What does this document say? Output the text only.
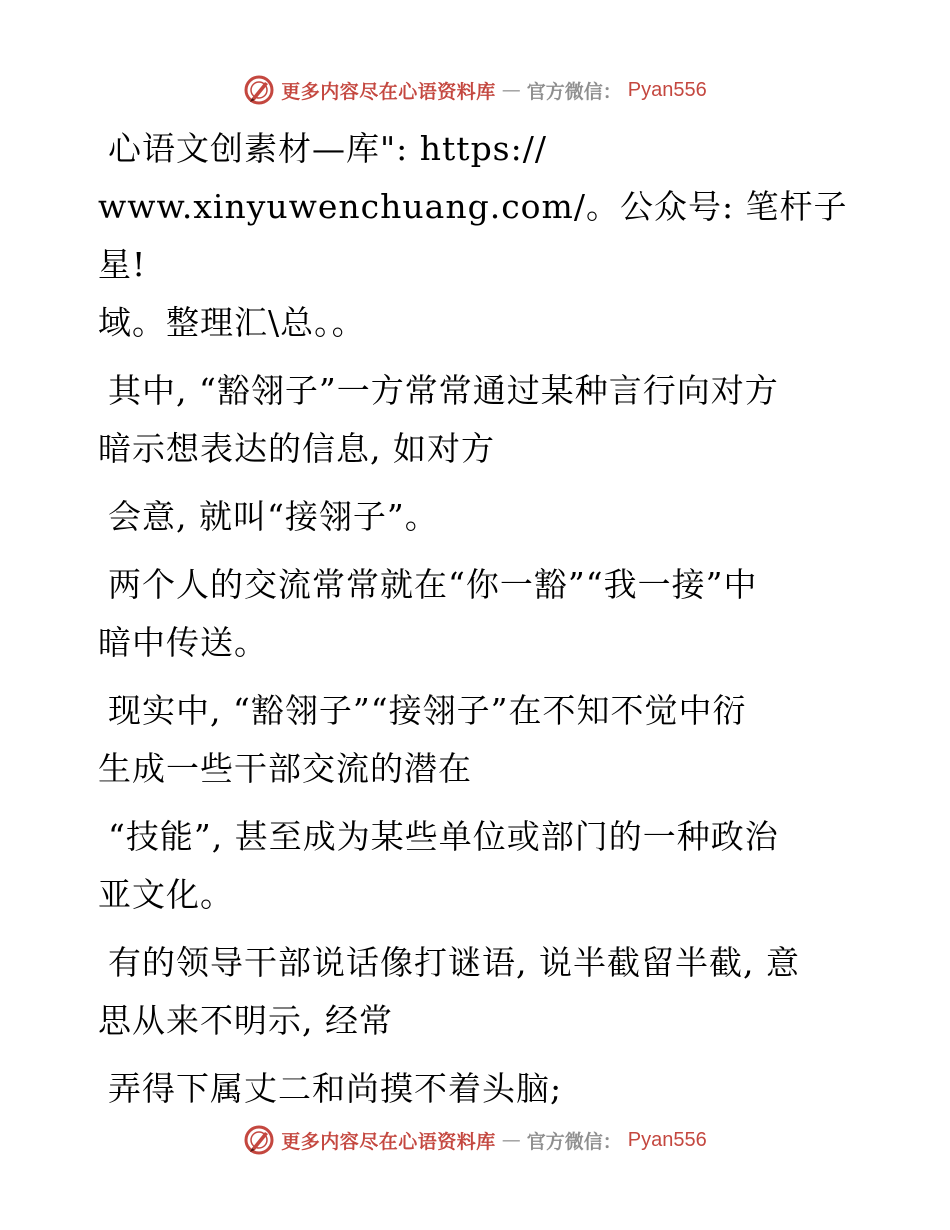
更多内容尽在心语资料库 — 官方微信： Pyan556

心语文创素材—库": https://
www.xinyuwenchuang.com/。公众号: 笔杆子星!
域。整理汇\总。。

其中, “豁翎子”一方常常通过某种言行向对方
暗示想表达的信息, 如对方

会意, 就叫“接翎子”。

两个人的交流常常就在“你一豁”“我一接”中
暗中传送。

现实中, “豁翎子”“接翎子”在不知不觉中衍
生成一些干部交流的潜在

“技能”, 甚至成为某些单位或部门的一种政治
亚文化。

有的领导干部说话像打谜语, 说半截留半截, 意
思从来不明示, 经常

弄得下属丈二和尚摸不着头脑;

更多内容尽在心语资料库 — 官方微信： Pyan556
